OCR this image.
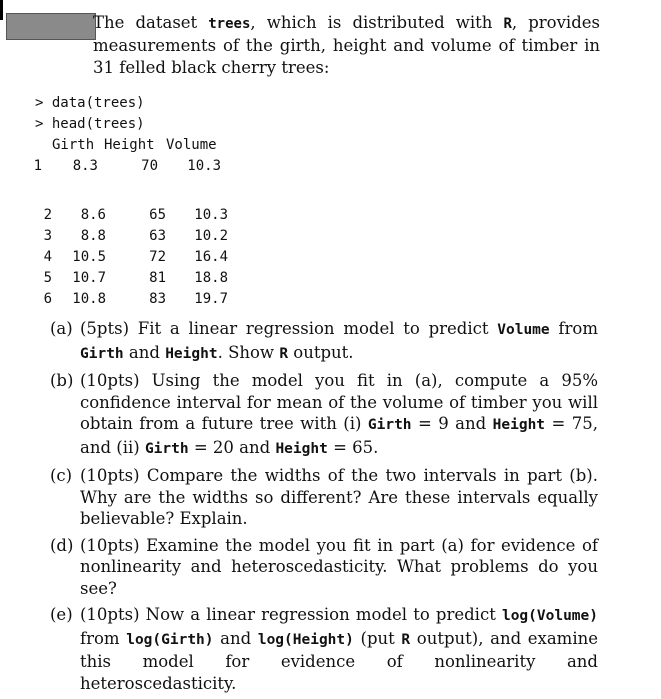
The dataset trees, which is distributed with R, provides measurements of the girth, height and volume of timber in 31 felled black cherry trees:
> data(trees)
> head(trees)
Girth Height Volume
1	8.3	70	10.3
2	8.6	65	10.3
3	8.8	63	10.2
4	10.5	72	16.4
5	10.7	81	18.8
6	10.8	83	19.7
(a) (5pts) Fit a linear regression model to predict Volume from Girth and Height. Show R output.
(b) (10pts) Using the model you fit in (a), compute a 95% confidence interval for mean of the volume of timber you will obtain from a future tree with (i) Girth = 9 and Height = 75, and (ii) Girth = 20 and Height = 65.
(c) (10pts) Compare the widths of the two intervals in part (b). Why are the widths so different? Are these intervals equally believable? Explain.
(d) (10pts) Examine the model you fit in part (a) for evidence of nonlinearity and heteroscedasticity. What problems do you see?
(e) (10pts) Now a linear regression model to predict log(Volume) from log(Girth) and log(Height) (put R output), and examine this model for evidence of nonlinearity and heteroscedasticity.
